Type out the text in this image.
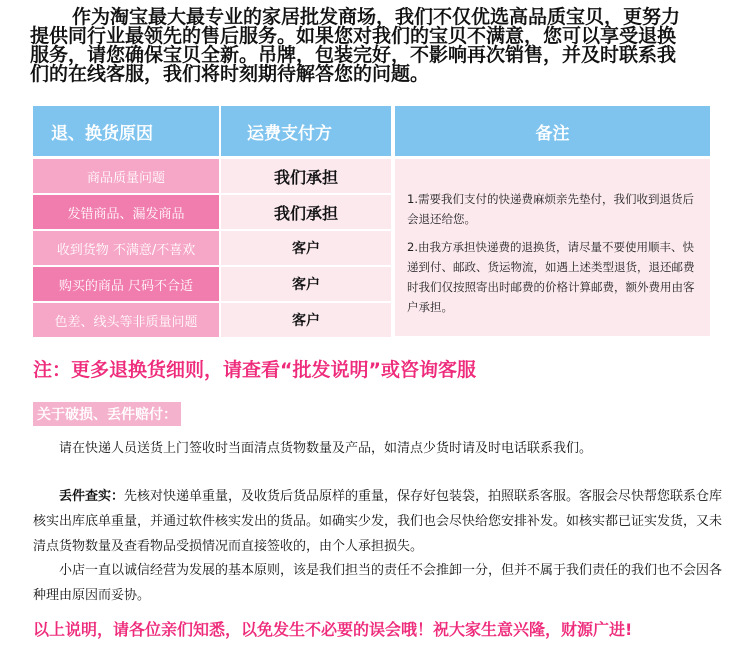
作为淘宝最大最专业的家居批发商场，我们不仅优选高品质宝贝，更努力
提供同行业最领先的售后服务。如果您对我们的宝贝不满意，您可以享受退换
服务，请您确保宝贝全新。吊牌，包装完好，不影响再次销售，并及时联系我
们的在线客服，我们将时刻期待解答您的问题。
退、换货原因	运费支付方	备注
商品质量问题	我们承担
发错商品、漏发商品	我们承担
收到货物 不满意/不喜欢	客户
购买的商品 尺码不合适	客户
色差、线头等非质量问题	客户

1.需要我们支付的快递费麻烦亲先垫付，我们收到退货后会退还给您。

2.由我方承担快递费的退换货，请尽量不要使用顺丰、快递到付、邮政、货运物流，如遇上述类型退货，退还邮费时我们仅按照寄出时邮费的价格计算邮费，额外费用由客户承担。

注：更多退换货细则，请查看“批发说明”或咨询客服
关于破损、丢件赔付：
请在快递人员送货上门签收时当面清点货物数量及产品，如清点少货时请及时电话联系我们。
丢件查实：先核对快递单重量，及收货后货品原样的重量，保存好包装袋，拍照联系客服。客服会尽快帮您联系仓库核实出库底单重量，并通过软件核实发出的货品。如确实少发，我们也会尽快给您安排补发。如核实都已证实发货，又未清点货物数量及查看物品受损情况而直接签收的，由个人承担损失。
小店一直以诚信经营为发展的基本原则，该是我们担当的责任不会推卸一分，但并不属于我们责任的我们也不会因各种理由原因而妥协。
以上说明，请各位亲们知悉，以免发生不必要的误会哦！祝大家生意兴隆，财源广进!
